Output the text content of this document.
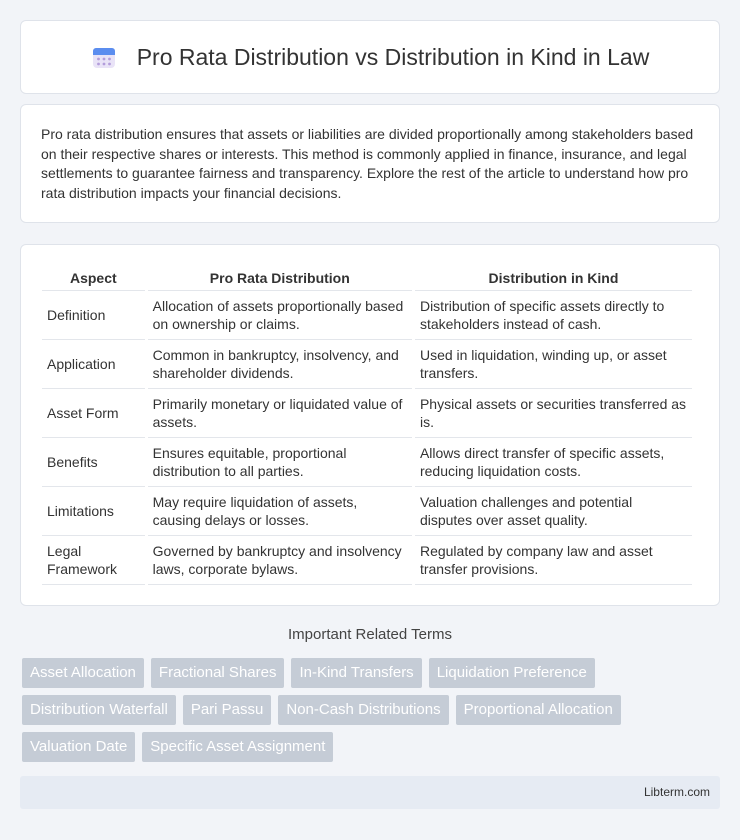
Pro Rata Distribution vs Distribution in Kind in Law

Pro rata distribution ensures that assets or liabilities are divided proportionally among stakeholders based on their respective shares or interests. This method is commonly applied in finance, insurance, and legal settlements to guarantee fairness and transparency. Explore the rest of the article to understand how pro rata distribution impacts your financial decisions.

Aspect	Pro Rata Distribution	Distribution in Kind
Definition	Allocation of assets proportionally based on ownership or claims.	Distribution of specific assets directly to stakeholders instead of cash.
Application	Common in bankruptcy, insolvency, and shareholder dividends.	Used in liquidation, winding up, or asset transfers.
Asset Form	Primarily monetary or liquidated value of assets.	Physical assets or securities transferred as is.
Benefits	Ensures equitable, proportional distribution to all parties.	Allows direct transfer of specific assets, reducing liquidation costs.
Limitations	May require liquidation of assets, causing delays or losses.	Valuation challenges and potential disputes over asset quality.
Legal Framework	Governed by bankruptcy and insolvency laws, corporate bylaws.	Regulated by company law and asset transfer provisions.
Important Related Terms
Asset Allocation	Fractional Shares	In-Kind Transfers	Liquidation Preference
Distribution Waterfall	Pari Passu	Non-Cash Distributions	Proportional Allocation
Valuation Date	Specific Asset Assignment
Libterm.com
